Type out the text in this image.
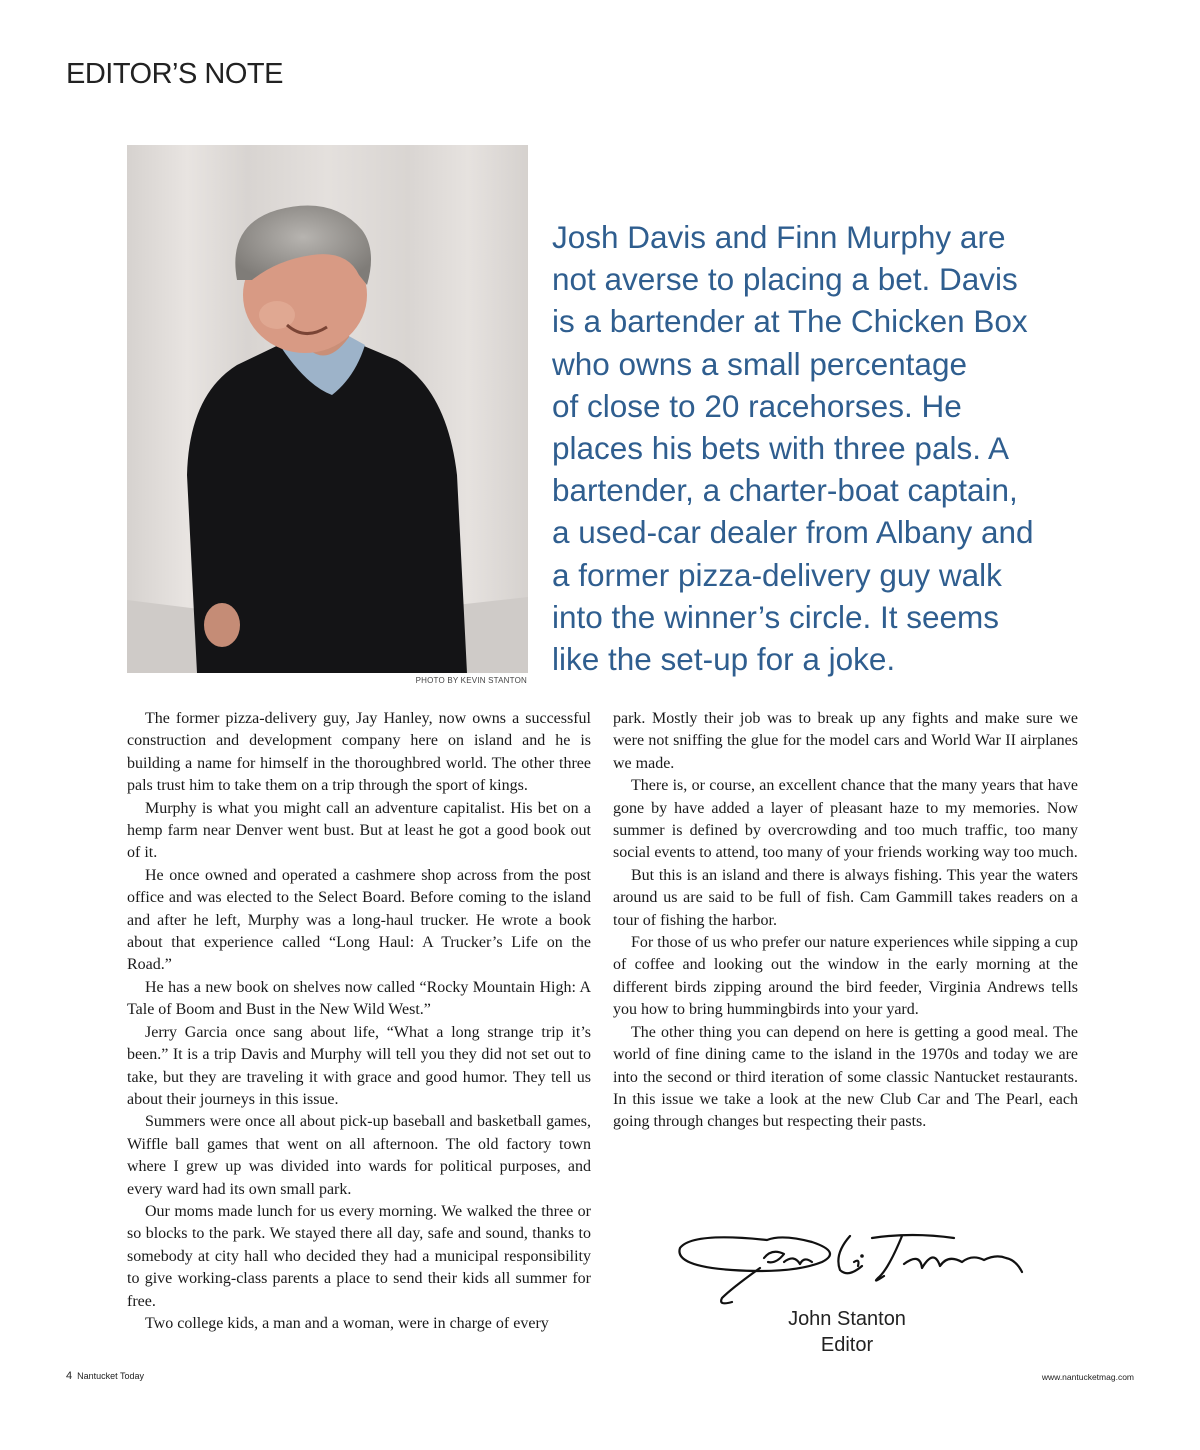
EDITOR’S NOTE
PHOTO BY KEVIN STANTON
Josh Davis and Finn Murphy are
not averse to placing a bet. Davis
is a bartender at The Chicken Box
who owns a small percentage
of close to 20 racehorses. He
places his bets with three pals. A
bartender, a charter-boat captain,
a used-car dealer from Albany and
a former pizza-delivery guy walk
into the winner’s circle. It seems
like the set-up for a joke.

The former pizza-delivery guy, Jay Hanley, now owns a successful construction and development company here on island and he is building a name for himself in the thoroughbred world. The other three pals trust him to take them on a trip through the sport of kings.

Murphy is what you might call an adventure capitalist. His bet on a hemp farm near Denver went bust. But at least he got a good book out of it.

He once owned and operated a cashmere shop across from the post office and was elected to the Select Board. Before coming to the island and after he left, Murphy was a long-haul trucker. He wrote a book about that experience called “Long Haul: A Trucker’s Life on the Road.”

He has a new book on shelves now called “Rocky Mountain High: A Tale of Boom and Bust in the New Wild West.”

Jerry Garcia once sang about life, “What a long strange trip it’s been.” It is a trip Davis and Murphy will tell you they did not set out to take, but they are traveling it with grace and good humor. They tell us about their journeys in this issue.

Summers were once all about pick-up baseball and basketball games, Wiffle ball games that went on all afternoon. The old factory town where I grew up was divided into wards for political purposes, and every ward had its own small park.

Our moms made lunch for us every morning. We walked the three or so blocks to the park. We stayed there all day, safe and sound, thanks to somebody at city hall who decided they had a municipal responsibility to give working-class parents a place to send their kids all summer for free.

Two college kids, a man and a woman, were in charge of every

park. Mostly their job was to break up any fights and make sure we were not sniffing the glue for the model cars and World War II airplanes we made.

There is, or course, an excellent chance that the many years that have gone by have added a layer of pleasant haze to my memories. Now summer is defined by overcrowding and too much traffic, too many social events to attend, too many of your friends working way too much.

But this is an island and there is always fishing. This year the waters around us are said to be full of fish. Cam Gammill takes readers on a tour of fishing the harbor.

For those of us who prefer our nature experiences while sipping a cup of coffee and looking out the window in the early morning at the different birds zipping around the bird feeder, Virginia Andrews tells you how to bring hummingbirds into your yard.

The other thing you can depend on here is getting a good meal. The world of fine dining came to the island in the 1970s and today we are into the second or third iteration of some classic Nantucket restaurants. In this issue we take a look at the new Club Car and The Pearl, each going through changes but respecting their pasts.

John Stanton
Editor
4 Nantucket Today	www.nantucketmag.com
